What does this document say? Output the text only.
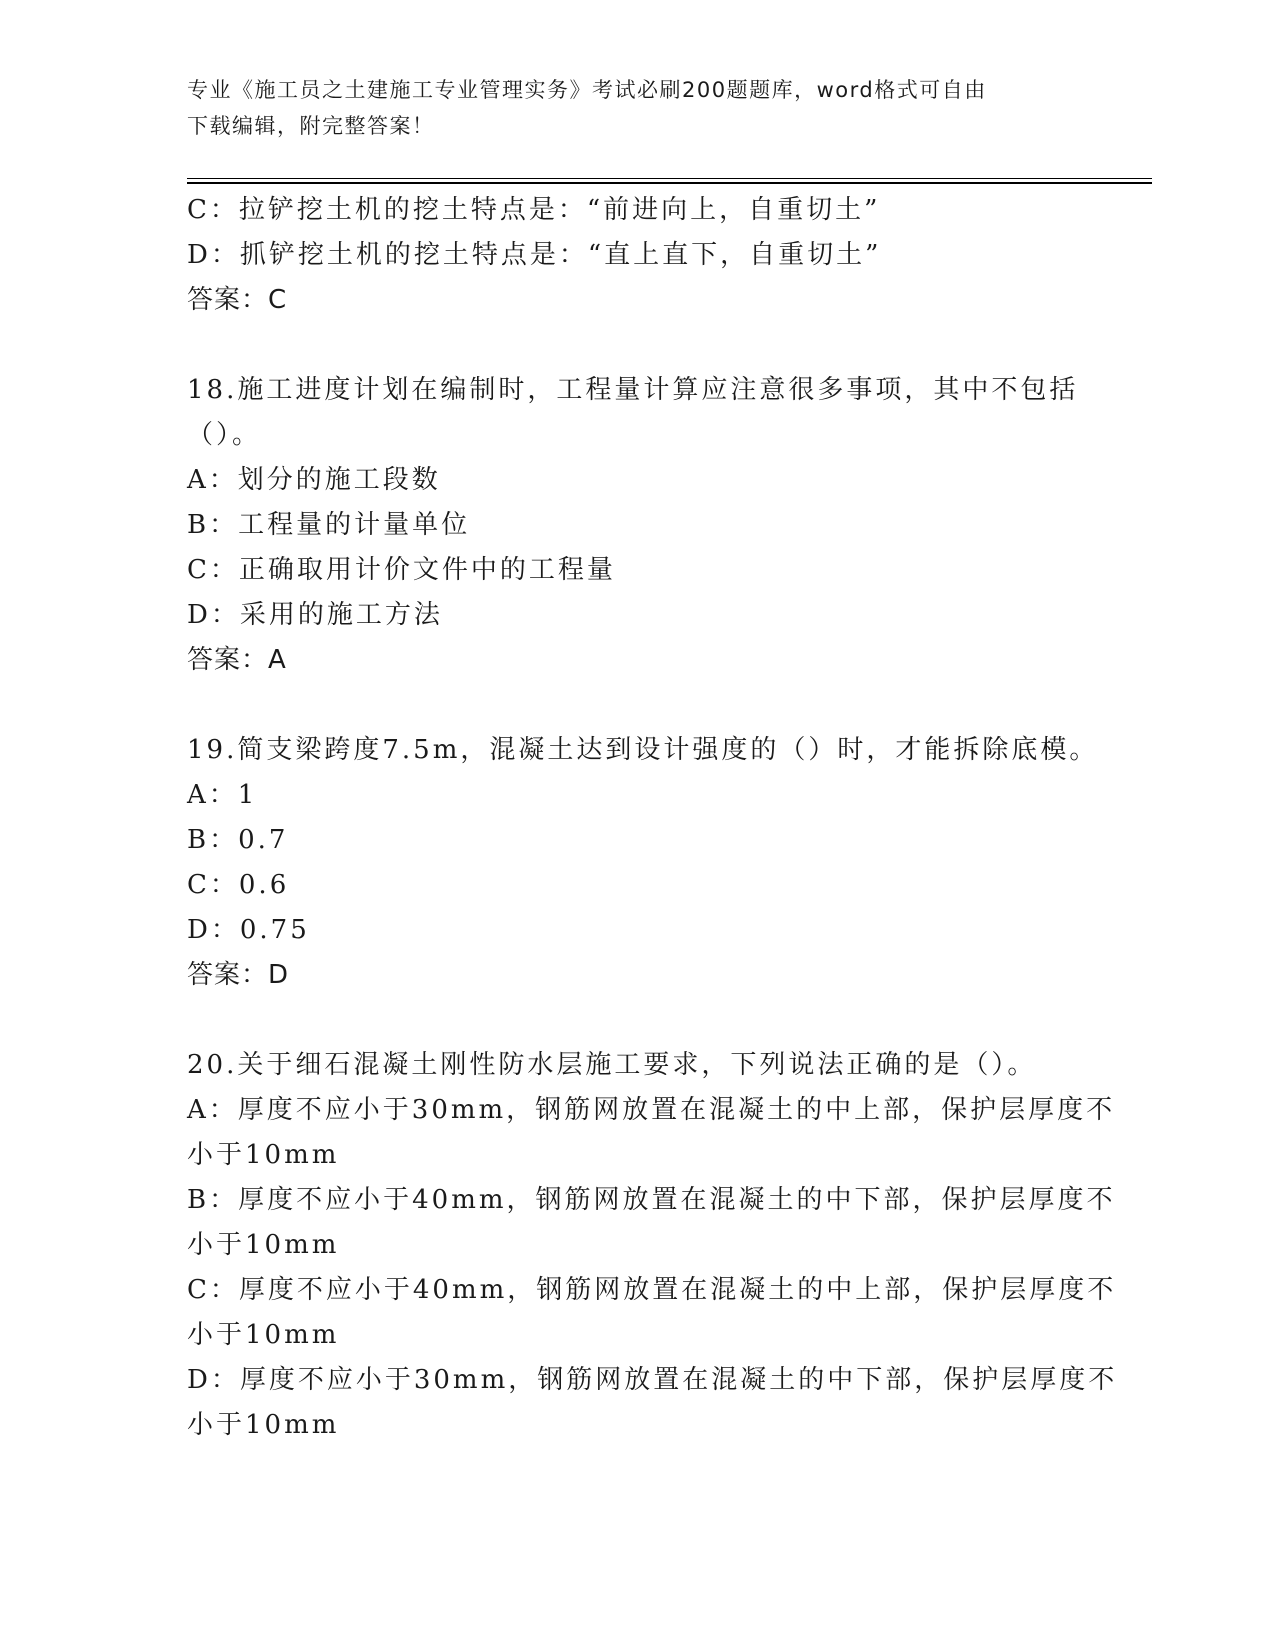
专业《施工员之土建施工专业管理实务》考试必刷200题题库，word格式可自由
下载编辑，附完整答案！
C：拉铲挖土机的挖土特点是：“前进向上，自重切土”
D：抓铲挖土机的挖土特点是：“直上直下，自重切土”
答案：C
18.施工进度计划在编制时，工程量计算应注意很多事项，其中不包括
（）。
A：划分的施工段数
B：工程量的计量单位
C：正确取用计价文件中的工程量
D：采用的施工方法
答案：A
19.简支梁跨度7.5m，混凝土达到设计强度的（）时，才能拆除底模。
A：1
B：0.7
C：0.6
D：0.75
答案：D
20.关于细石混凝土刚性防水层施工要求，下列说法正确的是（）。
A：厚度不应小于30mm，钢筋网放置在混凝土的中上部，保护层厚度不
小于10mm
B：厚度不应小于40mm，钢筋网放置在混凝土的中下部，保护层厚度不
小于10mm
C：厚度不应小于40mm，钢筋网放置在混凝土的中上部，保护层厚度不
小于10mm
D：厚度不应小于30mm，钢筋网放置在混凝土的中下部，保护层厚度不
小于10mm
